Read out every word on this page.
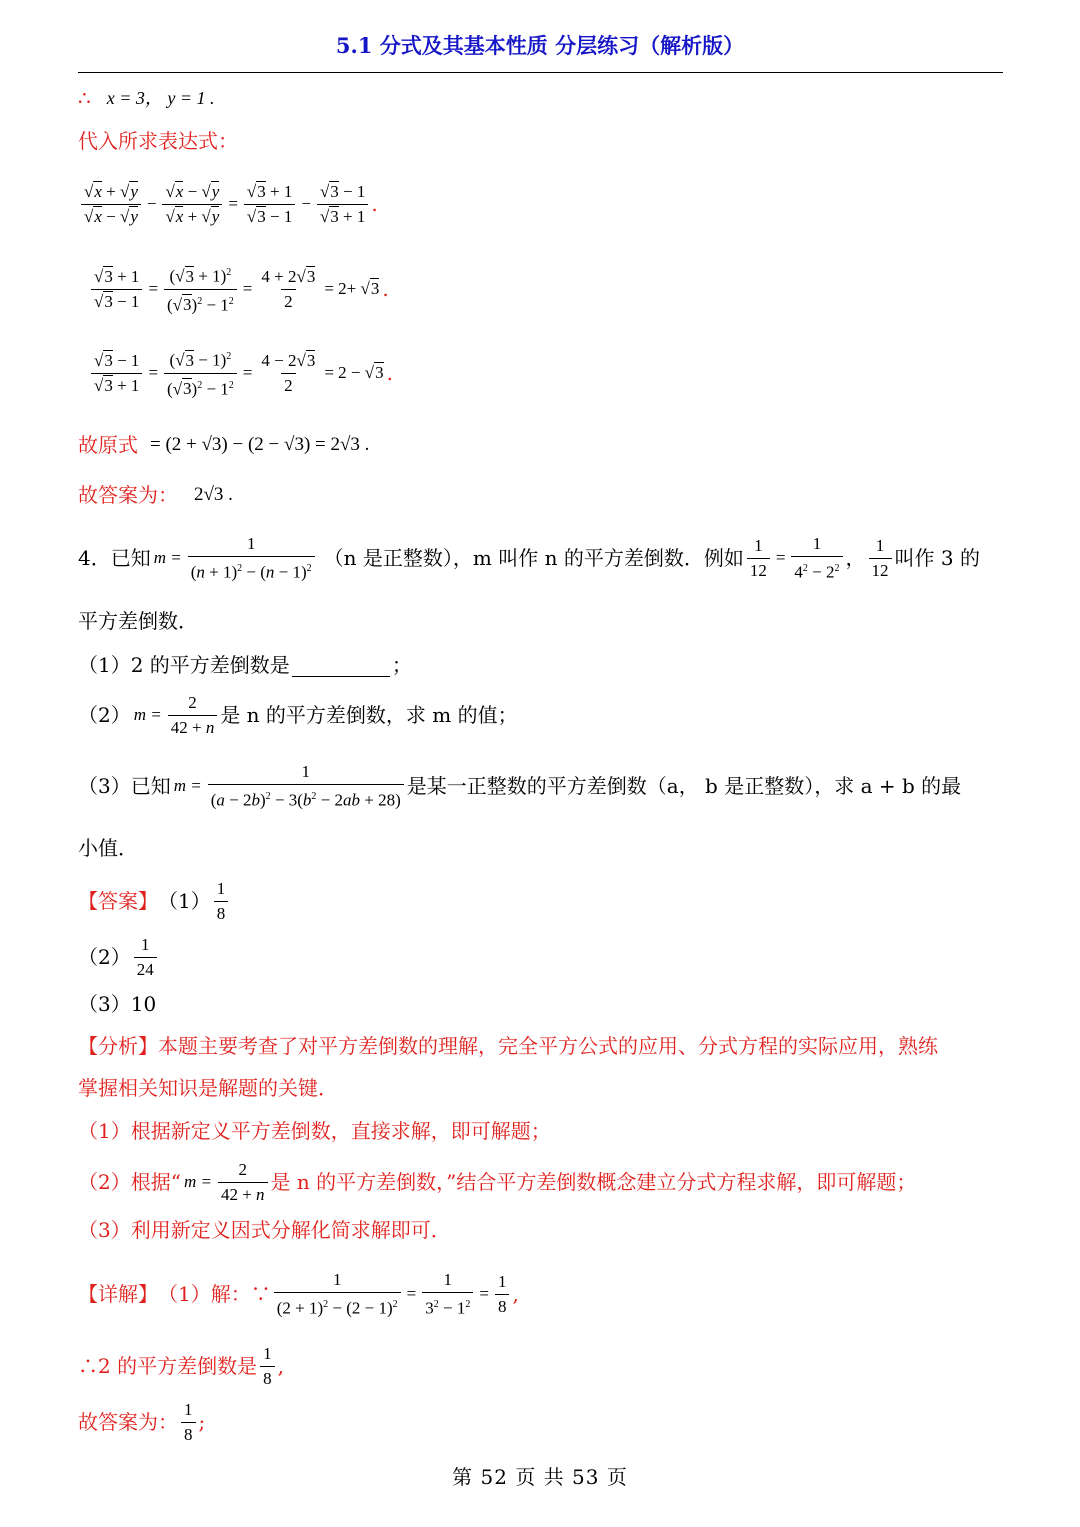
5.1 分式及其基本性质 分层练习（解析版）
∴ x = 3， y = 1 .
代入所求表达式：
$\frac{√x + √y}{√x - √y} - \frac{√x - √y}{√x + √y} = \frac{√3 + 1}{√3 - 1} - \frac{√3 - 1}{√3 + 1}$ .
$\frac{√3 + 1}{√3 - 1} = \frac{(√3 + 1)^2}{(√3)^2 - 1^2} = \frac{4 + 2√3}{2} = 2+ √3$ .
$\frac{√3 - 1}{√3 + 1} = \frac{(√3 - 1)^2}{(√3)^2 - 1^2} = \frac{4 - 2√3}{2} = 2 - √3$ .
故原式 = (2 + √3) − (2 − √3) = 2√3 .
故答案为： 2√3 .
4．已知 $m = \frac{1}{(n + 1)^2 - (n - 1)^2} (n$ 是正整数）， m 叫作 n 的平方差倒数．例如 $\frac{1}{12} = \frac{1}{4^2 - 2^2}$ ， $\frac{1}{12}$ 叫作 3 的
平方差倒数．
（1）2 的平方差倒数是	；
（2） $m = \frac{2}{42 + n}$ 是 n 的平方差倒数，求 m 的值；
（3）已知 $m = \frac{1}{(a - 2b)^2 - 3(b^2 - 2ab + 28)}$ 是某一正整数的平方差倒数（a， b 是正整数），求 a + b 的最
小值．
【答案】 $(1) \frac{1}{8}$
$(2) \frac{1}{24}$
（3）10
【分析】 本题主要考查了对平方差倒数的理解，完全平方公式的应用、分式方程的实际应用，熟练
掌握相关知识是解题的关键．
（1）根据新定义平方差倒数，直接求解，即可解题；
（2）根据“ $m = \frac{2}{42 + n}$ 是 n 的平方差倒数，”结合平方差倒数概念建立分式方程求解，即可解题；
（3）利用新定义因式分解化简求解即可．
【详解】 （1）解：∵ $\frac{1}{(2 + 1)^2 - (2 - 1)^2} = \frac{1}{3^2 - 1^2} = \frac{1}{8}$ ,
∴2 的平方差倒数是 $\frac{1}{8}$ ,
故答案为： $\frac{1}{8}$ ;
第 52 页 共 53 页
